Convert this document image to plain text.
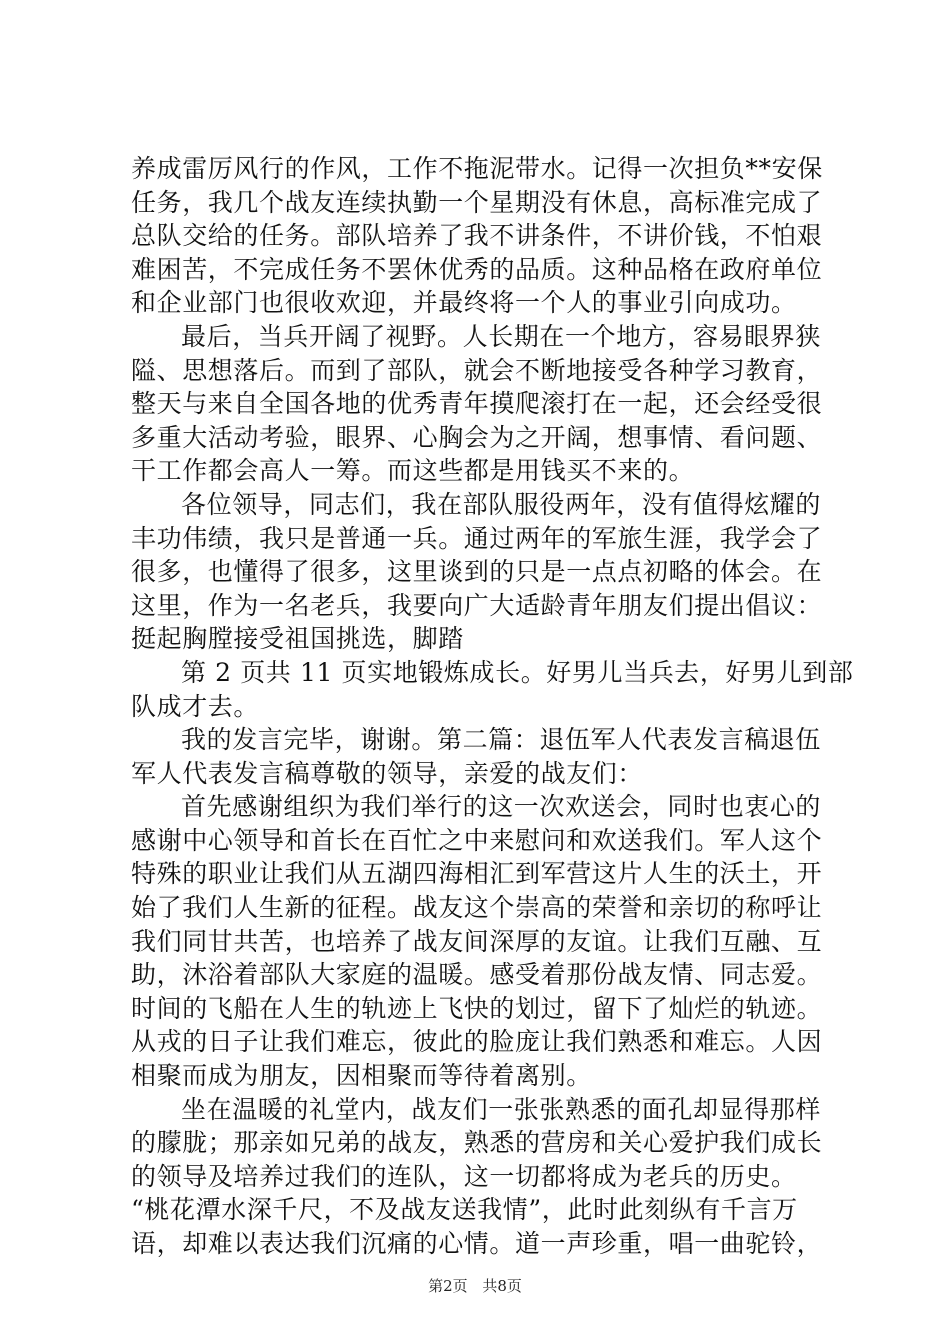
养成雷厉风行的作风，工作不拖泥带水。记得一次担负**安保
任务，我几个战友连续执勤一个星期没有休息，高标准完成了
总队交给的任务。部队培养了我不讲条件，不讲价钱，不怕艰
难困苦，不完成任务不罢休优秀的品质。这种品格在政府单位
和企业部门也很收欢迎，并最终将一个人的事业引向成功。
最后，当兵开阔了视野。人长期在一个地方，容易眼界狭
隘、思想落后。而到了部队，就会不断地接受各种学习教育，
整天与来自全国各地的优秀青年摸爬滚打在一起，还会经受很
多重大活动考验，眼界、心胸会为之开阔，想事情、看问题、
干工作都会高人一筹。而这些都是用钱买不来的。
各位领导，同志们，我在部队服役两年，没有值得炫耀的
丰功伟绩，我只是普通一兵。通过两年的军旅生涯，我学会了
很多，也懂得了很多，这里谈到的只是一点点初略的体会。在
这里，作为一名老兵，我要向广大适龄青年朋友们提出倡议：
挺起胸膛接受祖国挑选，脚踏
第 2 页共 11 页实地锻炼成长。好男儿当兵去，好男儿到部
队成才去。
我的发言完毕，谢谢。第二篇：退伍军人代表发言稿退伍
军人代表发言稿尊敬的领导，亲爱的战友们：
首先感谢组织为我们举行的这一次欢送会，同时也衷心的
感谢中心领导和首长在百忙之中来慰问和欢送我们。军人这个
特殊的职业让我们从五湖四海相汇到军营这片人生的沃土，开
始了我们人生新的征程。战友这个崇高的荣誉和亲切的称呼让
我们同甘共苦，也培养了战友间深厚的友谊。让我们互融、互
助，沐浴着部队大家庭的温暖。感受着那份战友情、同志爱。
时间的飞船在人生的轨迹上飞快的划过，留下了灿烂的轨迹。
从戎的日子让我们难忘，彼此的脸庞让我们熟悉和难忘。人因
相聚而成为朋友，因相聚而等待着离别。
坐在温暖的礼堂内，战友们一张张熟悉的面孔却显得那样
的朦胧；那亲如兄弟的战友，熟悉的营房和关心爱护我们成长
的领导及培养过我们的连队，这一切都将成为老兵的历史。
“桃花潭水深千尺，不及战友送我情”，此时此刻纵有千言万
语，却难以表达我们沉痛的心情。道一声珍重，唱一曲驼铃，
第2页 共8页
